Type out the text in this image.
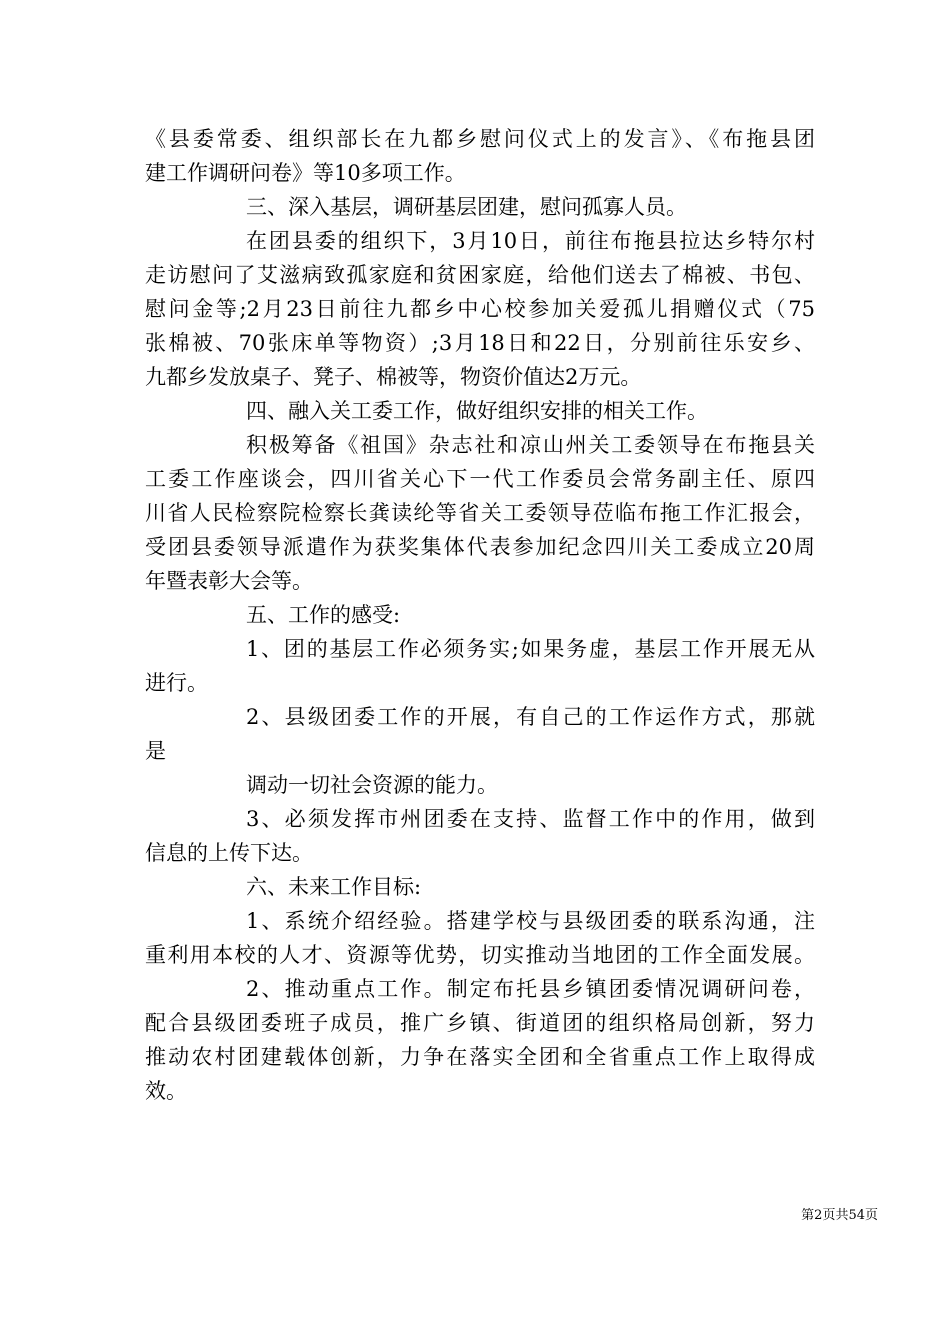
《县委常委、组织部长在九都乡慰问仪式上的发言》、《布拖县团
建工作调研问卷》等10多项工作。
三、深入基层，调研基层团建，慰问孤寡人员。
在团县委的组织下，3月10日，前往布拖县拉达乡特尔村
走访慰问了艾滋病致孤家庭和贫困家庭，给他们送去了棉被、书包、
慰问金等;2月23日前往九都乡中心校参加关爱孤儿捐赠仪式（75
张棉被、70张床单等物资）;3月18日和22日，分别前往乐安乡、
九都乡发放桌子、凳子、棉被等，物资价值达2万元。
四、融入关工委工作，做好组织安排的相关工作。
积极筹备《祖国》杂志社和凉山州关工委领导在布拖县关
工委工作座谈会，四川省关心下一代工作委员会常务副主任、原四
川省人民检察院检察长龚读纶等省关工委领导莅临布拖工作汇报会，
受团县委领导派遣作为获奖集体代表参加纪念四川关工委成立20周
年暨表彰大会等。
五、工作的感受:
1、团的基层工作必须务实;如果务虚，基层工作开展无从
进行。
2、县级团委工作的开展，有自己的工作运作方式，那就
是
调动一切社会资源的能力。
3、必须发挥市州团委在支持、监督工作中的作用，做到
信息的上传下达。
六、未来工作目标:
1、系统介绍经验。搭建学校与县级团委的联系沟通，注
重利用本校的人才、资源等优势，切实推动当地团的工作全面发展。
2、推动重点工作。制定布托县乡镇团委情况调研问卷，
配合县级团委班子成员，推广乡镇、街道团的组织格局创新，努力
推动农村团建载体创新，力争在落实全团和全省重点工作上取得成
效。
第2页共54页
